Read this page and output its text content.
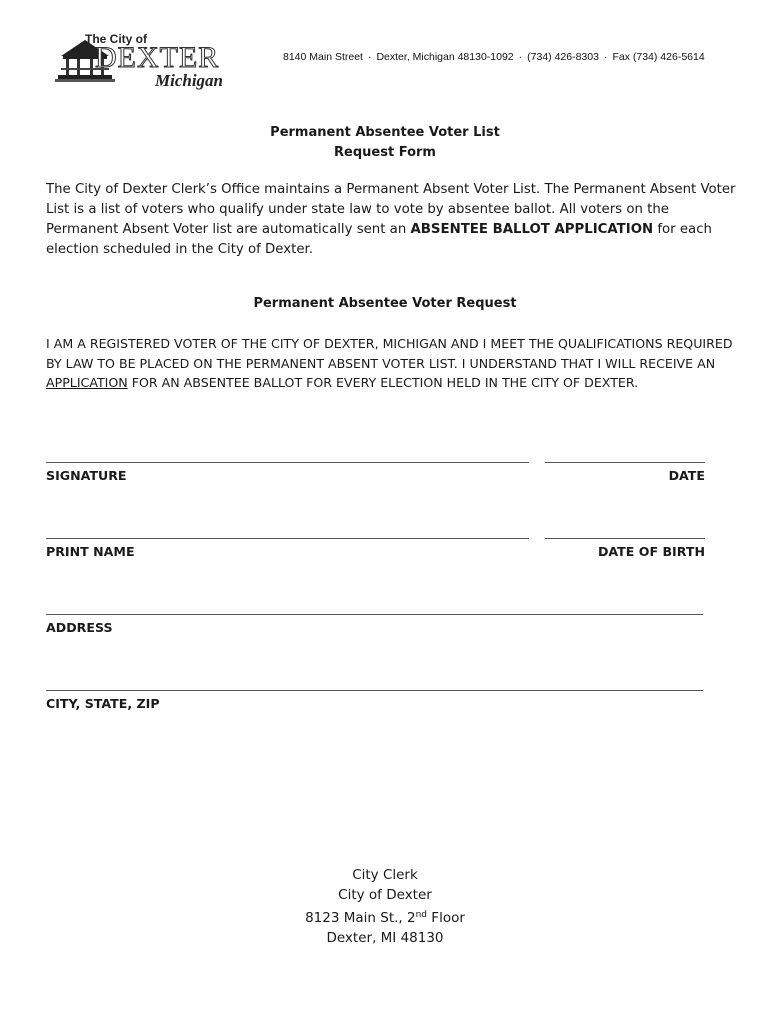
The City of
DEXTER
Michigan
8140 Main Street · Dexter, Michigan 48130-1092 · (734) 426-8303 · Fax (734) 426-5614
Permanent Absentee Voter List
Request Form
The City of Dexter Clerk’s Office maintains a Permanent Absent Voter List. The Permanent Absent Voter List is a list of voters who qualify under state law to vote by absentee ballot. All voters on the Permanent Absent Voter list are automatically sent an ABSENTEE BALLOT APPLICATION for each election scheduled in the City of Dexter.
Permanent Absentee Voter Request
I AM A REGISTERED VOTER OF THE CITY OF DEXTER, MICHIGAN AND I MEET THE QUALIFICATIONS REQUIRED BY LAW TO BE PLACED ON THE PERMANENT ABSENT VOTER LIST. I UNDERSTAND THAT I WILL RECEIVE AN APPLICATION FOR AN ABSENTEE BALLOT FOR EVERY ELECTION HELD IN THE CITY OF DEXTER.
SIGNATURE	DATE
PRINT NAME	DATE OF BIRTH
ADDRESS
CITY, STATE, ZIP
City Clerk
City of Dexter
8123 Main St., 2nd Floor
Dexter, MI 48130
